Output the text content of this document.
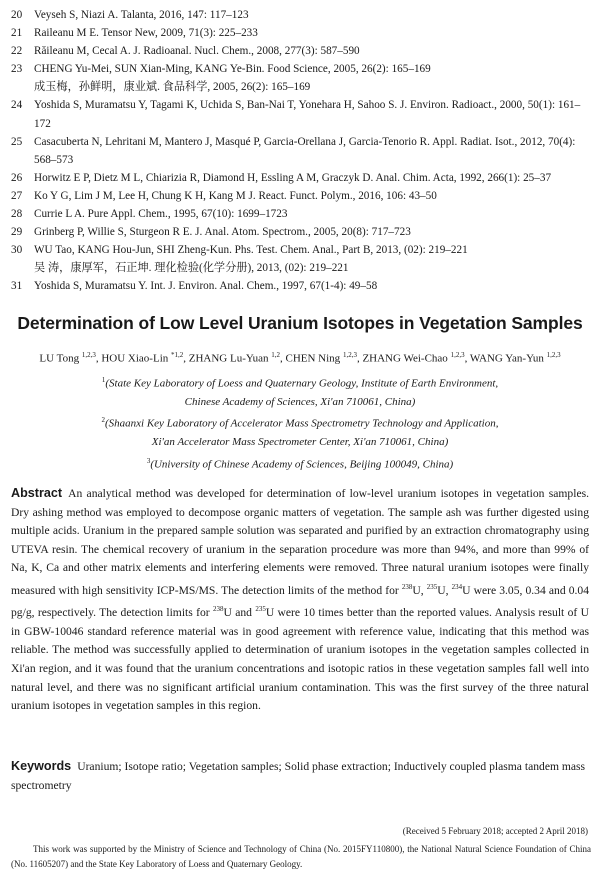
20	Veyseh S, Niazi A. Talanta, 2016, 147: 117–123
21	Raileanu M E. Tensor New, 2009, 71(3): 225–233
22	Răileanu M, Cecal A. J. Radioanal. Nucl. Chem., 2008, 277(3): 587–590
23	CHENG Yu-Mei, SUN Xian-Ming, KANG Ye-Bin. Food Science, 2005, 26(2): 165–169
成玉梅，孙鲜明，康业斌. 食品科学, 2005, 26(2): 165–169
24	Yoshida S, Muramatsu Y, Tagami K, Uchida S, Ban-Nai T, Yonehara H, Sahoo S. J. Environ. Radioact., 2000, 50(1): 161–172
25	Casacuberta N, Lehritani M, Mantero J, Masqué P, Garcia-Orellana J, Garcia-Tenorio R. Appl. Radiat. Isot., 2012, 70(4): 568–573
26	Horwitz E P, Dietz M L, Chiarizia R, Diamond H, Essling A M, Graczyk D. Anal. Chim. Acta, 1992, 266(1): 25–37
27	Ko Y G, Lim J M, Lee H, Chung K H, Kang M J. React. Funct. Polym., 2016, 106: 43–50
28	Currie L A. Pure Appl. Chem., 1995, 67(10): 1699–1723
29	Grinberg P, Willie S, Sturgeon R E. J. Anal. Atom. Spectrom., 2005, 20(8): 717–723
30	WU Tao, KANG Hou-Jun, SHI Zheng-Kun. Phs. Test. Chem. Anal., Part B, 2013, (02): 219–221
吴 涛，康厚军，石正坤. 理化检验(化学分册), 2013, (02): 219–221
31	Yoshida S, Muramatsu Y. Int. J. Environ. Anal. Chem., 1997, 67(1-4): 49–58
Determination of Low Level Uranium Isotopes in Vegetation Samples
LU Tong $^{1,2,3}$, HOU Xiao-Lin $^{*1,2}$, ZHANG Lu-Yuan $^{1,2}$, CHEN Ning $^{1,2,3}$, ZHANG Wei-Chao $^{1,2,3}$, WANG Yan-Yun $^{1,2,3}$
$^1$(State Key Laboratory of Loess and Quaternary Geology, Institute of Earth Environment,
Chinese Academy of Sciences, Xi'an 710061, China)
$^2$(Shaanxi Key Laboratory of Accelerator Mass Spectrometry Technology and Application,
Xi'an Accelerator Mass Spectrometer Center, Xi'an 710061, China)
$^3$(University of Chinese Academy of Sciences, Beijing 100049, China)
Abstract An analytical method was developed for determination of low-level uranium isotopes in vegetation samples. Dry ashing method was employed to decompose organic matters of vegetation. The sample ash was further digested using multiple acids. Uranium in the prepared sample solution was separated and purified by an extraction chromatography using UTEVA resin. The chemical recovery of uranium in the separation procedure was more than 94%, and more than 99% of Na, K, Ca and other matrix elements and interfering elements were removed. Three natural uranium isotopes were finally measured with high sensitivity ICP-MS/MS. The detection limits of the method for $^{238}$U, $^{235}$U, $^{234}$U were 3.05, 0.34 and 0.04 pg/g, respectively. The detection limits for $^{238}$U and $^{235}$U were 10 times better than the reported values. Analysis result of U in GBW-10046 standard reference material was in good agreement with reference value, indicating that this method was reliable. The method was successfully applied to determination of uranium isotopes in the vegetation samples collected in Xi'an region, and it was found that the uranium concentrations and isotopic ratios in these vegetation samples fall well into natural level, and there was no significant artificial uranium contamination. This was the first survey of the three natural uranium isotopes in vegetation samples in this region.
Keywords Uranium; Isotope ratio; Vegetation samples; Solid phase extraction; Inductively coupled plasma tandem mass spectrometry
(Received 5 February 2018; accepted 2 April 2018)
This work was supported by the Ministry of Science and Technology of China (No. 2015FY110800), the National Natural Science Foundation of China (No. 11605207) and the State Key Laboratory of Loess and Quaternary Geology.
